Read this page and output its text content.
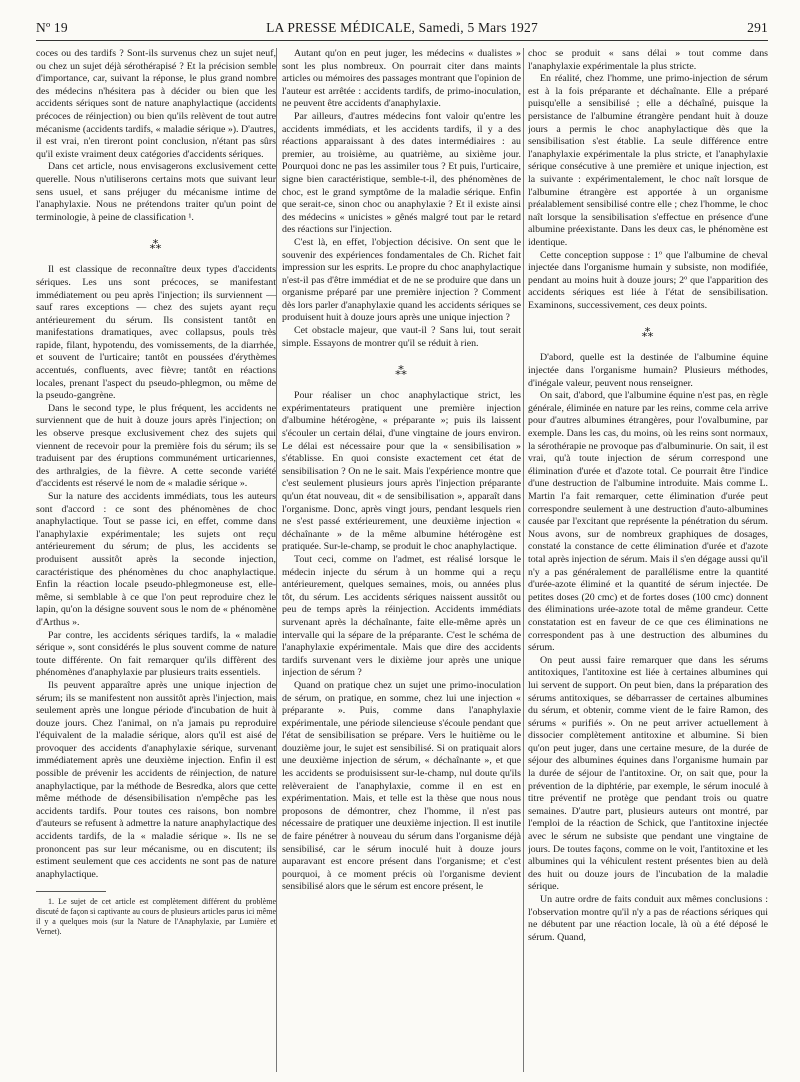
Nº 19	LA PRESSE MÉDICALE, Samedi, 5 Mars 1927	291

coces ou des tardifs ? Sont-ils survenus chez un sujet neuf, ou chez un sujet déjà sérothérapisé ? Et la précision semble d'importance, car, suivant la réponse, le plus grand nombre des médecins n'hésitera pas à décider ou bien que les accidents sériques sont de nature anaphylactique (accidents précoces de réinjection) ou bien qu'ils relèvent de tout autre mécanisme (accidents tardifs, « maladie sérique »). D'autres, il est vrai, n'en tireront point conclusion, n'étant pas sûrs qu'il existe vraiment deux catégories d'accidents sériques.

Dans cet article, nous envisagerons exclusivement cette querelle. Nous n'utiliserons certains mots que suivant leur sens usuel, et sans préjuger du mécanisme intime de l'anaphylaxie. Nous ne prétendons traiter qu'un point de terminologie, à peine de classification ¹.

⁂

Il est classique de reconnaître deux types d'accidents sériques. Les uns sont précoces, se manifestant immédiatement ou peu après l'injection; ils surviennent — sauf rares exceptions — chez des sujets ayant reçu antérieurement du sérum. Ils consistent tantôt en manifestations dramatiques, avec collapsus, pouls très rapide, filant, hypotendu, des vomissements, de la diarrhée, et souvent de l'urticaire; tantôt en poussées d'érythèmes accentués, confluents, avec fièvre; tantôt en réactions locales, prenant l'aspect du pseudo-phlegmon, ou même de la pseudo-gangrène.

Dans le second type, le plus fréquent, les accidents ne surviennent que de huit à douze jours après l'injection; on les observe presque exclusivement chez des sujets qui viennent de recevoir pour la première fois du sérum; ils se traduisent par des éruptions communément urticariennes, des arthralgies, de la fièvre. A cette seconde variété d'accidents est réservé le nom de « maladie sérique ».

Sur la nature des accidents immédiats, tous les auteurs sont d'accord : ce sont des phénomènes de choc anaphylactique. Tout se passe ici, en effet, comme dans l'anaphylaxie expérimentale; les sujets ont reçu antérieurement du sérum; de plus, les accidents se produisent aussitôt après la seconde injection, caractéristique des phénomènes du choc anaphylactique. Enfin la réaction locale pseudo-phlegmoneuse est, elle-même, si semblable à ce que l'on peut reproduire chez le lapin, qu'on la désigne souvent sous le nom de « phénomène d'Arthus ».

Par contre, les accidents sériques tardifs, la « maladie sérique », sont considérés le plus souvent comme de nature toute différente. On fait remarquer qu'ils diffèrent des phénomènes d'anaphylaxie par plusieurs traits essentiels.

Ils peuvent apparaître après une unique injection de sérum; ils se manifestent non aussitôt après l'injection, mais seulement après une longue période d'incubation de huit à douze jours. Chez l'animal, on n'a jamais pu reproduire l'équivalent de la maladie sérique, alors qu'il est aisé de provoquer des accidents d'anaphylaxie sérique, survenant immédiatement après une deuxième injection. Enfin il est possible de prévenir les accidents de réinjection, de nature anaphylactique, par la méthode de Besredka, alors que cette même méthode de désensibilisation n'empêche pas les accidents tardifs. Pour toutes ces raisons, bon nombre d'auteurs se refusent à admettre la nature anaphylactique des accidents tardifs, de la « maladie sérique ». Ils ne se prononcent pas sur leur mécanisme, ou en discutent; ils estiment seulement que ces accidents ne sont pas de nature anaphylactique.

1. Le sujet de cet article est complètement différent du problème discuté de façon si captivante au cours de plusieurs articles parus ici même il y a quelques mois (sur la Nature de l'Anaphylaxie, par Lumière et Vernet).

Autant qu'on en peut juger, les médecins « dualistes » sont les plus nombreux. On pourrait citer dans maints articles ou mémoires des passages montrant que l'opinion de l'auteur est arrêtée : accidents tardifs, de primo-inoculation, ne peuvent être accidents d'anaphylaxie.

Par ailleurs, d'autres médecins font valoir qu'entre les accidents immédiats, et les accidents tardifs, il y a des réactions apparaissant à des dates intermédiaires : au premier, au troisième, au quatrième, au sixième jour. Pourquoi donc ne pas les assimiler tous ? Et puis, l'urticaire, signe bien caractéristique, semble-t-il, des phénomènes de choc, est le grand symptôme de la maladie sérique. Enfin que serait-ce, sinon choc ou anaphylaxie ? Et il existe ainsi des médecins « unicistes » gênés malgré tout par le retard des réactions sur l'injection.

C'est là, en effet, l'objection décisive. On sent que le souvenir des expériences fondamentales de Ch. Richet fait impression sur les esprits. Le propre du choc anaphylactique n'est-il pas d'être immédiat et de ne se produire que dans un organisme préparé par une première injection ? Comment dès lors parler d'anaphylaxie quand les accidents sériques se produisent huit à douze jours après une unique injection ?

Cet obstacle majeur, que vaut-il ? Sans lui, tout serait simple. Essayons de montrer qu'il se réduit à rien.

⁂

Pour réaliser un choc anaphylactique strict, les expérimentateurs pratiquent une première injection d'albumine hétérogène, « préparante »; puis ils laissent s'écouler un certain délai, d'une vingtaine de jours environ. Le délai est nécessaire pour que la « sensibilisation » s'établisse. En quoi consiste exactement cet état de sensibilisation ? On ne le sait. Mais l'expérience montre que c'est seulement plusieurs jours après l'injection préparante qu'un état nouveau, dit « de sensibilisation », apparaît dans l'organisme. Donc, après vingt jours, pendant lesquels rien ne s'est passé extérieurement, une deuxième injection « déchaînante » de la même albumine hétérogène est pratiquée. Sur-le-champ, se produit le choc anaphylactique.

Tout ceci, comme on l'admet, est réalisé lorsque le médecin injecte du sérum à un homme qui a reçu antérieurement, quelques semaines, mois, ou années plus tôt, du sérum. Les accidents sériques naissent aussitôt ou peu de temps après la réinjection. Accidents immédiats survenant après la déchaînante, faite elle-même après un intervalle qui la sépare de la préparante. C'est le schéma de l'anaphylaxie expérimentale. Mais que dire des accidents tardifs survenant vers le dixième jour après une unique injection de sérum ?

Quand on pratique chez un sujet une primo-inoculation de sérum, on pratique, en somme, chez lui une injection « préparante ». Puis, comme dans l'anaphylaxie expérimentale, une période silencieuse s'écoule pendant que l'état de sensibilisation se prépare. Vers le huitième ou le douzième jour, le sujet est sensibilisé. Si on pratiquait alors une deuxième injection de sérum, « déchaînante », et que les accidents se produisissent sur-le-champ, nul doute qu'ils relèveraient de l'anaphylaxie, comme il en est en expérimentation. Mais, et telle est la thèse que nous nous proposons de démontrer, chez l'homme, il n'est pas nécessaire de pratiquer une deuxième injection. Il est inutile de faire pénétrer à nouveau du sérum dans l'organisme déjà sensibilisé, car le sérum inoculé huit à douze jours auparavant est encore présent dans l'organisme; et c'est pourquoi, à ce moment précis où l'organisme devient sensibilisé alors que le sérum est encore présent, le

choc se produit « sans délai » tout comme dans l'anaphylaxie expérimentale la plus stricte.

En réalité, chez l'homme, une primo-injection de sérum est à la fois préparante et déchaînante. Elle a préparé puisqu'elle a sensibilisé ; elle a déchaîné, puisque la persistance de l'albumine étrangère pendant huit à douze jours a permis le choc anaphylactique dès que la sensibilisation s'est établie. La seule différence entre l'anaphylaxie expérimentale la plus stricte, et l'anaphylaxie sérique consécutive à une première et unique injection, est la suivante : expérimentalement, le choc naît lorsque de l'albumine étrangère est apportée à un organisme préalablement sensibilisé contre elle ; chez l'homme, le choc naît lorsque la sensibilisation s'effectue en présence d'une albumine préexistante. Dans les deux cas, le phénomène est identique.

Cette conception suppose : 1º que l'albumine de cheval injectée dans l'organisme humain y subsiste, non modifiée, pendant au moins huit à douze jours; 2º que l'apparition des accidents sériques est liée à l'état de sensibilisation. Examinons, successivement, ces deux points.

⁂

D'abord, quelle est la destinée de l'albumine équine injectée dans l'organisme humain? Plusieurs méthodes, d'inégale valeur, peuvent nous renseigner.

On sait, d'abord, que l'albumine équine n'est pas, en règle générale, éliminée en nature par les reins, comme cela arrive pour d'autres albumines étrangères, pour l'ovalbumine, par exemple. Dans les cas, du moins, où les reins sont normaux, la sérothérapie ne provoque pas d'albuminurie. On sait, il est vrai, qu'à toute injection de sérum correspond une élimination d'urée et d'azote total. Ce pourrait être l'indice d'une destruction de l'albumine introduite. Mais comme L. Martin l'a fait remarquer, cette élimination d'urée peut correspondre seulement à une destruction d'auto-albumines causée par l'excitant que représente la pénétration du sérum. Nous avons, sur de nombreux graphiques de dosages, constaté la constance de cette élimination d'urée et d'azote total après injection de sérum. Mais il s'en dégage aussi qu'il n'y a pas généralement de parallélisme entre la quantité d'urée-azote éliminé et la quantité de sérum injectée. De petites doses (20 cmc) et de fortes doses (100 cmc) donnent des éliminations urée-azote total de même grandeur. Cette constatation est en faveur de ce que ces éliminations ne correspondent pas à une destruction des albumines du sérum.

On peut aussi faire remarquer que dans les sérums antitoxiques, l'antitoxine est liée à certaines albumines qui lui servent de support. On peut bien, dans la préparation des sérums antitoxiques, se débarrasser de certaines albumines du sérum, et obtenir, comme vient de le faire Ramon, des sérums « purifiés ». On ne peut arriver actuellement à dissocier complètement antitoxine et albumine. Si bien qu'on peut juger, dans une certaine mesure, de la durée de séjour des albumines équines dans l'organisme humain par la durée de séjour de l'antitoxine. Or, on sait que, pour la prévention de la diphtérie, par exemple, le sérum inoculé à titre préventif ne protège que pendant trois ou quatre semaines. D'autre part, plusieurs auteurs ont montré, par l'emploi de la réaction de Schick, que l'antitoxine injectée avec le sérum ne subsiste que pendant une vingtaine de jours. De toutes façons, comme on le voit, l'antitoxine et les albumines qui la véhiculent restent présentes bien au delà des huit ou douze jours de l'incubation de la maladie sérique.

Un autre ordre de faits conduit aux mêmes conclusions : l'observation montre qu'il n'y a pas de réactions sériques qui ne débutent par une réaction locale, là où a été déposé le sérum. Quand,
